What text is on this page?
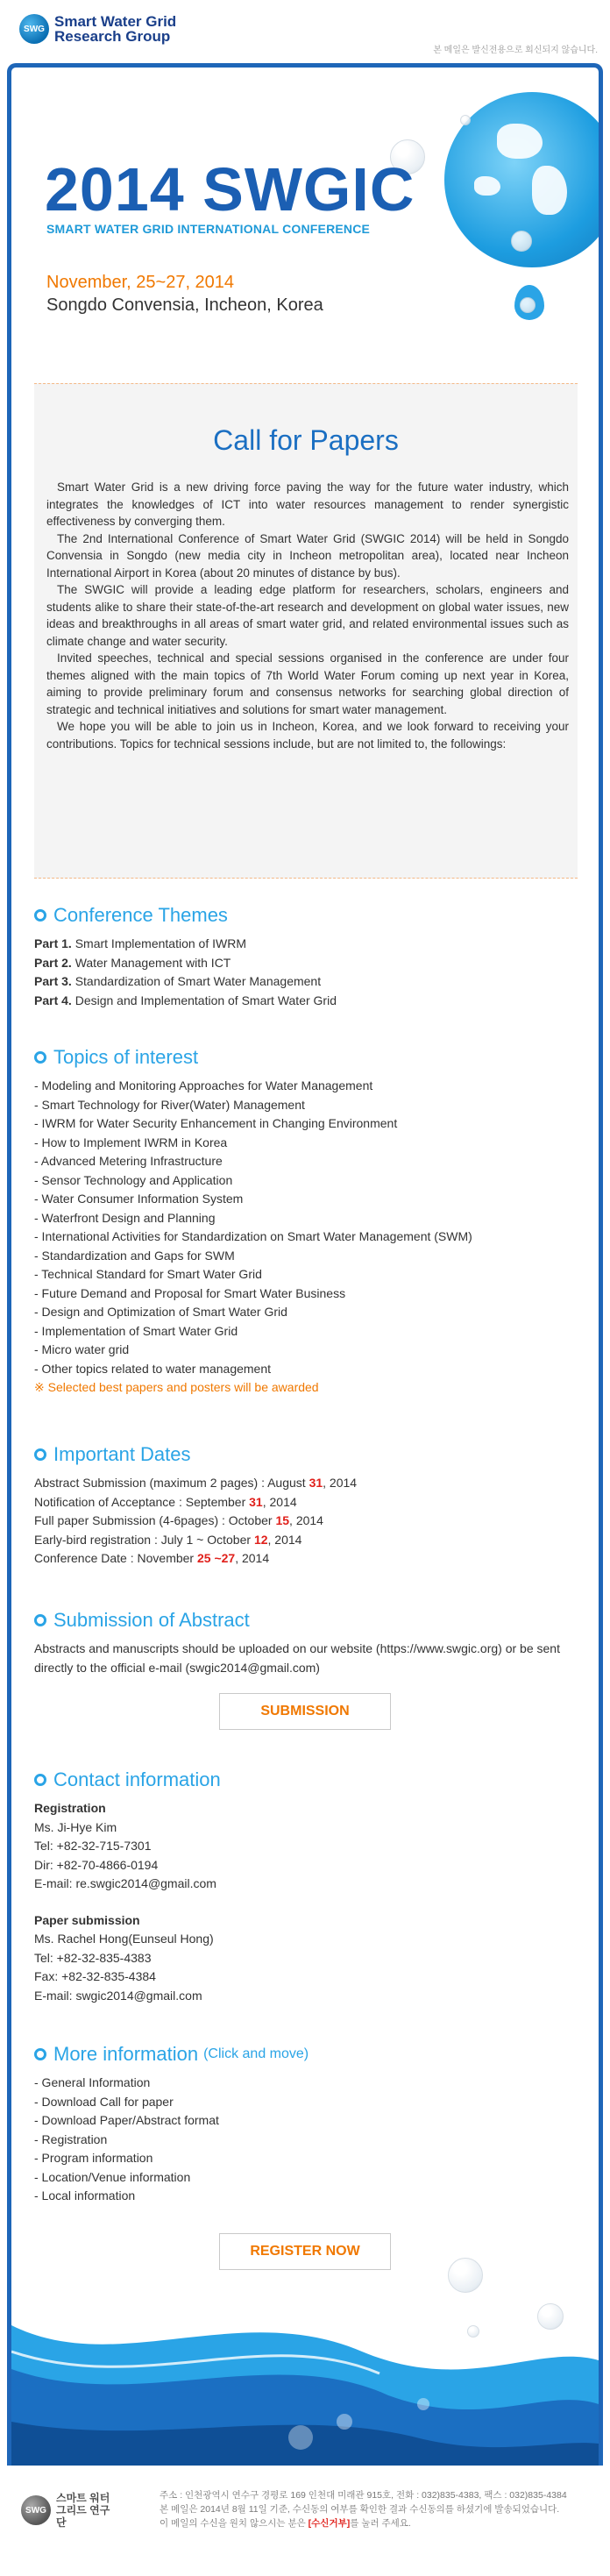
SWG Smart Water Grid
Research Group
본 메일은 발신전용으로 회신되지 않습니다.
2014 SWGIC
SMART WATER GRID INTERNATIONAL CONFERENCE
November, 25~27, 2014
Songdo Convensia, Incheon, Korea
Call for Papers

Smart Water Grid is a new driving force paving the way for the future water industry, which integrates the knowledges of ICT into water resources management to render synergistic effectiveness by converging them.

The 2nd International Conference of Smart Water Grid (SWGIC 2014) will be held in Songdo Convensia in Songdo (new media city in Incheon metropolitan area), located near Incheon International Airport in Korea (about 20 minutes of distance by bus).

The SWGIC will provide a leading edge platform for researchers, scholars, engineers and students alike to share their state-of-the-art research and development on global water issues, new ideas and breakthroughs in all areas of smart water grid, and related environmental issues such as climate change and water security.

Invited speeches, technical and special sessions organised in the conference are under four themes aligned with the main topics of 7th World Water Forum coming up next year in Korea, aiming to provide preliminary forum and consensus networks for searching global direction of strategic and technical initiatives and solutions for smart water management.

We hope you will be able to join us in Incheon, Korea, and we look forward to receiving your contributions. Topics for technical sessions include, but are not limited to, the followings:

Conference Themes
Part 1. Smart Implementation of IWRM
Part 2. Water Management with ICT
Part 3. Standardization of Smart Water Management
Part 4. Design and Implementation of Smart Water Grid
Topics of interest
- Modeling and Monitoring Approaches for Water Management
- Smart Technology for River(Water) Management
- IWRM for Water Security Enhancement in Changing Environment
- How to Implement IWRM in Korea
- Advanced Metering Infrastructure
- Sensor Technology and Application
- Water Consumer Information System
- Waterfront Design and Planning
- International Activities for Standardization on Smart Water Management (SWM)
- Standardization and Gaps for SWM
- Technical Standard for Smart Water Grid
- Future Demand and Proposal for Smart Water Business
- Design and Optimization of Smart Water Grid
- Implementation of Smart Water Grid
- Micro water grid
- Other topics related to water management
※ Selected best papers and posters will be awarded
Important Dates
Abstract Submission (maximum 2 pages) : August 31, 2014
Notification of Acceptance : September 31, 2014
Full paper Submission (4-6pages) : October 15, 2014
Early-bird registration : July 1 ~ October 12, 2014
Conference Date : November 25 ~27, 2014
Submission of Abstract
Abstracts and manuscripts should be uploaded on our website (https://www.swgic.org) or be sent directly to the official e-mail (swgic2014@gmail.com)
SUBMISSION
Contact information
Registration
Ms. Ji-Hye Kim
Tel: +82-32-715-7301
Dir: +82-70-4866-0194
E-mail: re.swgic2014@gmail.com
Paper submission
Ms. Rachel Hong(Eunseul Hong)
Tel: +82-32-835-4383
Fax: +82-32-835-4384
E-mail: swgic2014@gmail.com
More information (Click and move)
- General Information
- Download Call for paper
- Download Paper/Abstract format
- Registration
- Program information
- Location/Venue information
- Local information
REGISTER NOW
SWG
스마트 워터 그리드 연구단
주소 : 인천광역시 연수구 경평로 169 인천대 미래관 915호, 전화 : 032)835-4383, 팩스 : 032)835-4384
본 메일은 2014년 8월 11일 기준, 수신동의 여부를 확인한 결과 수신동의를 하셨기에 발송되었습니다.
이 메일의 수신을 원치 않으시는 분은 [수신거부]를 눌러 주세요.
